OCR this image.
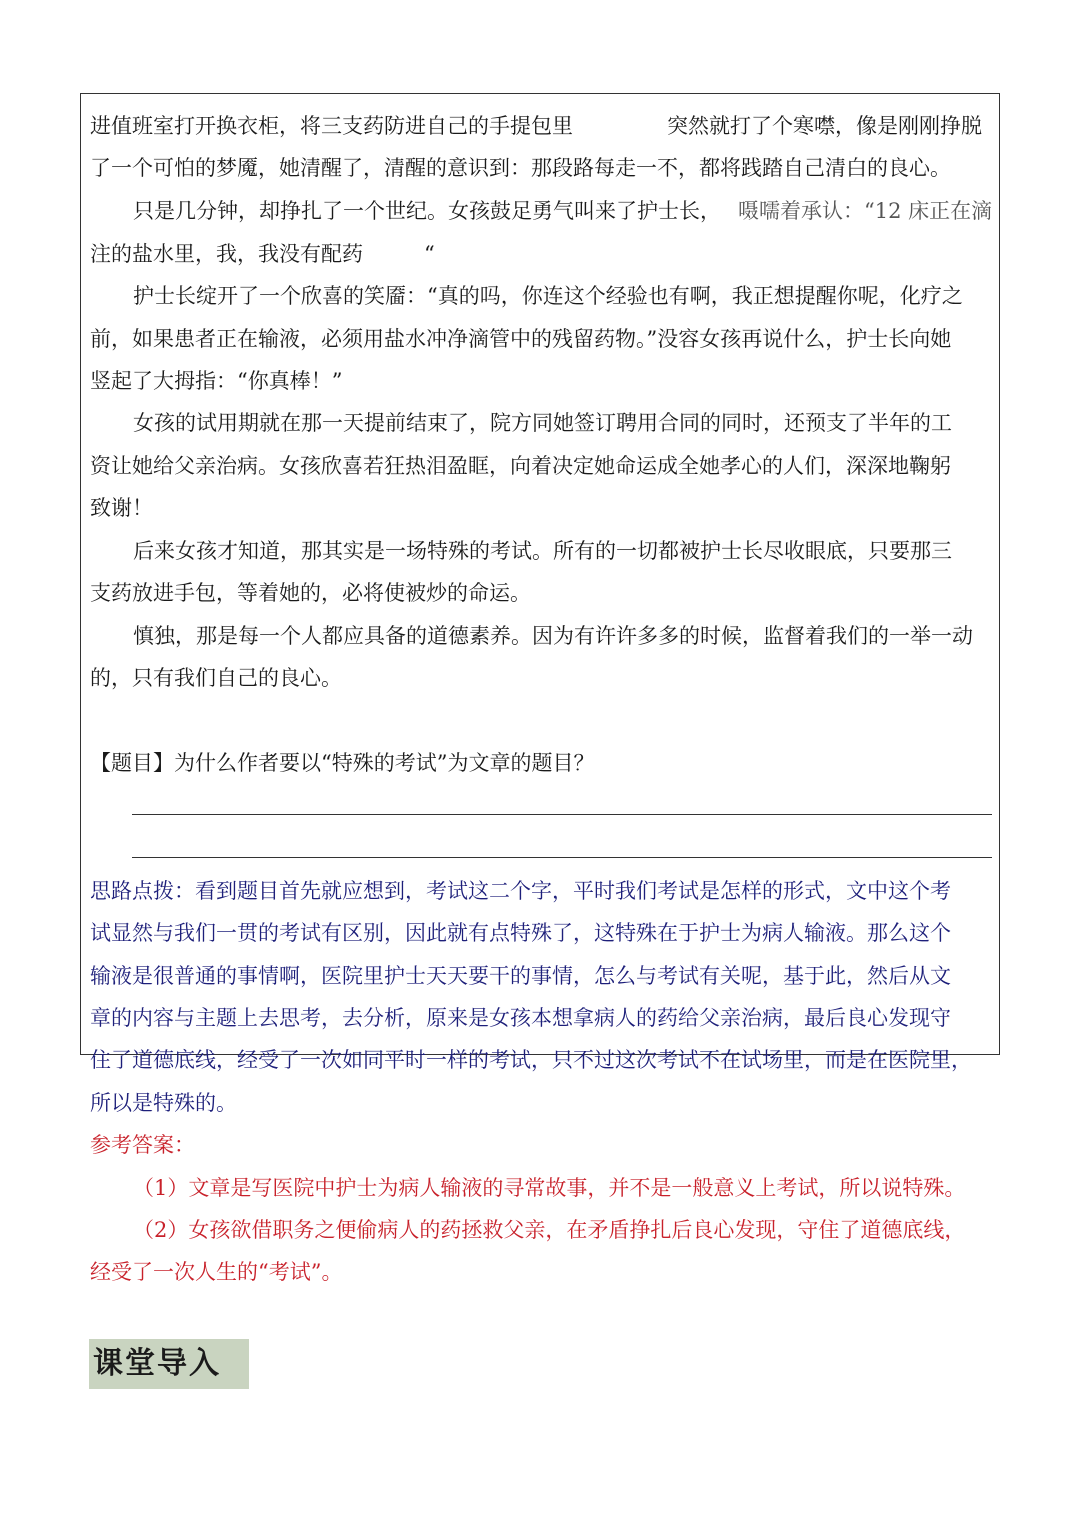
进值班室打开换衣柜，将三支药防进自己的手提包里	突然就打了个寒噤，像是刚刚挣脱
了一个可怕的梦魇，她清醒了，清醒的意识到：那段路每走一不，都将践踏自己清白的良心。
只是几分钟，却挣扎了一个世纪。女孩鼓足勇气叫来了护士长， 嗫嚅着承认：“12 床正在滴
注的盐水里，我，我没有配药	“
护士长绽开了一个欣喜的笑靥：“真的吗，你连这个经验也有啊，我正想提醒你呢，化疗之
前，如果患者正在输液，必须用盐水冲净滴管中的残留药物。”没容女孩再说什么，护士长向她
竖起了大拇指：“你真棒！”
女孩的试用期就在那一天提前结束了，院方同她签订聘用合同的同时，还预支了半年的工
资让她给父亲治病。女孩欣喜若狂热泪盈眶，向着决定她命运成全她孝心的人们，深深地鞠躬
致谢！
后来女孩才知道，那其实是一场特殊的考试。所有的一切都被护士长尽收眼底，只要那三
支药放进手包，等着她的，必将使被炒的命运。
慎独，那是每一个人都应具备的道德素养。因为有许许多多的时候，监督着我们的一举一动
的，只有我们自己的良心。
【题目】为什么作者要以“特殊的考试”为文章的题目？
思路点拨：看到题目首先就应想到，考试这二个字，平时我们考试是怎样的形式，文中这个考
试显然与我们一贯的考试有区别，因此就有点特殊了，这特殊在于护士为病人输液。那么这个
输液是很普通的事情啊，医院里护士天天要干的事情，怎么与考试有关呢，基于此，然后从文
章的内容与主题上去思考，去分析，原来是女孩本想拿病人的药给父亲治病，最后良心发现守
住了道德底线，经受了一次如同平时一样的考试，只不过这次考试不在试场里，而是在医院里，
所以是特殊的。
参考答案：
（1）文章是写医院中护士为病人输液的寻常故事，并不是一般意义上考试，所以说特殊。
（2）女孩欲借职务之便偷病人的药拯救父亲，在矛盾挣扎后良心发现，守住了道德底线，
经受了一次人生的“考试”。
课堂导入
